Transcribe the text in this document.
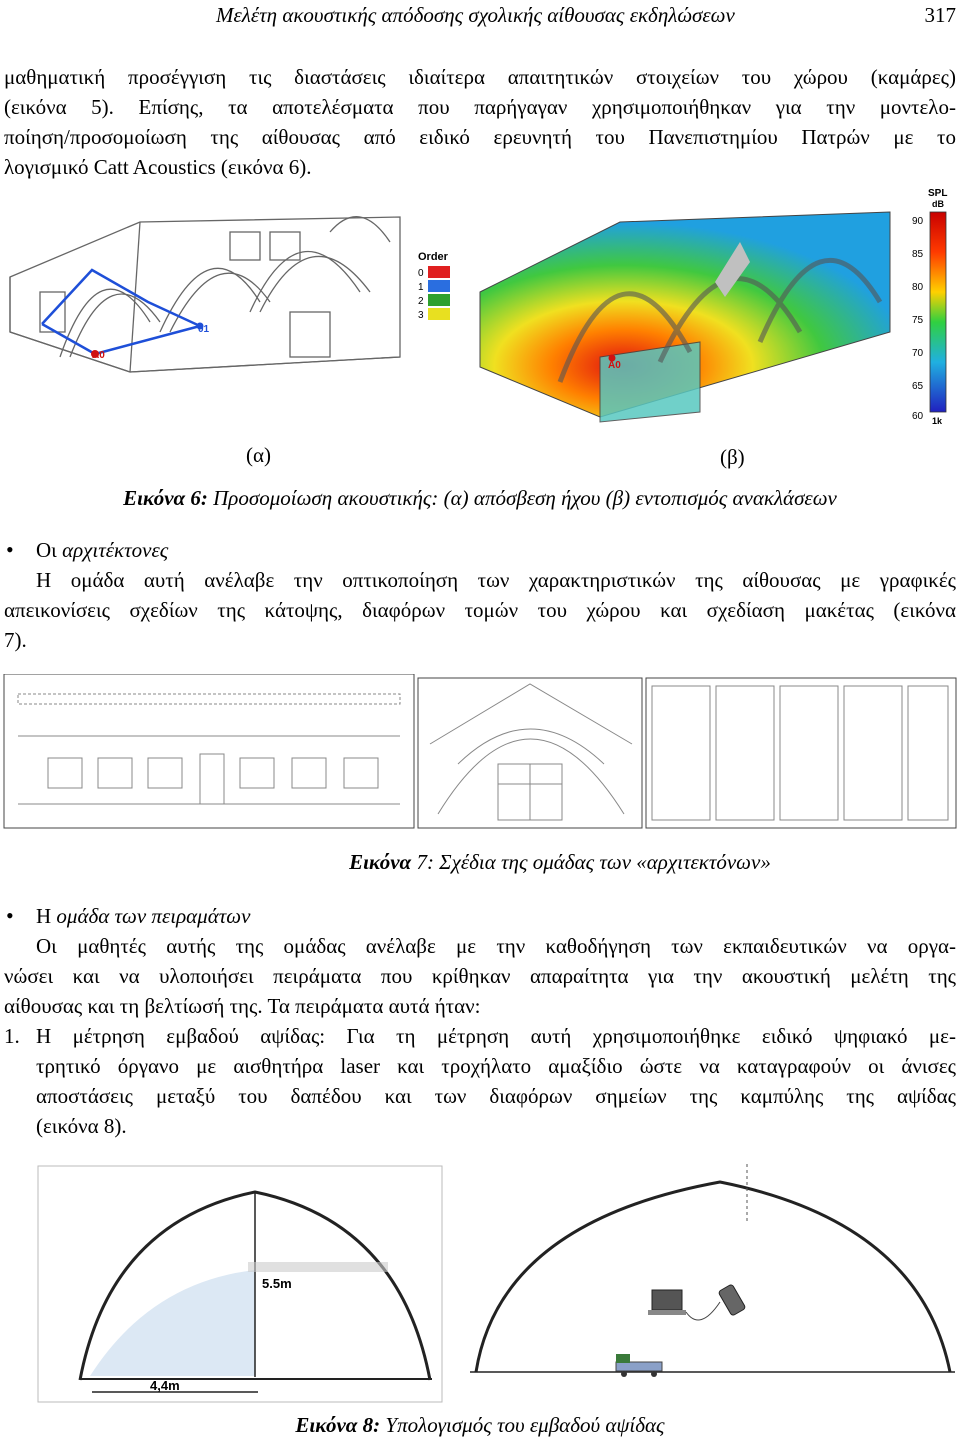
Μελέτη ακουστικής απόδοσης σχολικής αίθουσας εκδηλώσεων	317
μαθηματική προσέγγιση τις διαστάσεις ιδιαίτερα απαιτητικών στοιχείων του χώρου (καμάρες)
(εικόνα 5). Επίσης, τα αποτελέσματα που παρήγαγαν χρησιμοποιήθηκαν για την μοντελο-
ποίηση/προσομοίωση της αίθουσας από ειδικό ερευνητή του Πανεπιστημίου Πατρών με το
λογισμικό Catt Acoustics (εικόνα 6).
A0
01
Order
0
1
2
3
A0
SPL
dB
90
85
80
75
70
65
60 1k
(α)	(β)
Εικόνα 6: Προσομοίωση ακουστικής: (α) απόσβεση ήχου (β) εντοπισμός ανακλάσεων
• Οι αρχιτέκτονες
Η ομάδα αυτή ανέλαβε την οπτικοποίηση των χαρακτηριστικών της αίθουσας με γραφικές
απεικονίσεις σχεδίων της κάτοψης, διαφόρων τομών του χώρου και σχεδίαση μακέτας (εικόνα
7).
Εικόνα 7: Σχέδια της ομάδας των «αρχιτεκτόνων»
• Η ομάδα των πειραμάτων
Οι μαθητές αυτής της ομάδας ανέλαβε με την καθοδήγηση των εκπαιδευτικών να οργα-
νώσει και να υλοποιήσει πειράματα που κρίθηκαν απαραίτητα για την ακουστική μελέτη της
αίθουσας και τη βελτίωσή της. Τα πειράματα αυτά ήταν:
1. Η μέτρηση εμβαδού αψίδας: Για τη μέτρηση αυτή χρησιμοποιήθηκε ειδικό ψηφιακό με-
τρητικό όργανο με αισθητήρα laser και τροχήλατο αμαξίδιο ώστε να καταγραφούν οι άνισες
αποστάσεις μεταξύ του δαπέδου και των διαφόρων σημείων της καμπύλης της αψίδας
(εικόνα 8).
5.5m
4,4m
Εικόνα 8: Υπολογισμός του εμβαδού αψίδας
